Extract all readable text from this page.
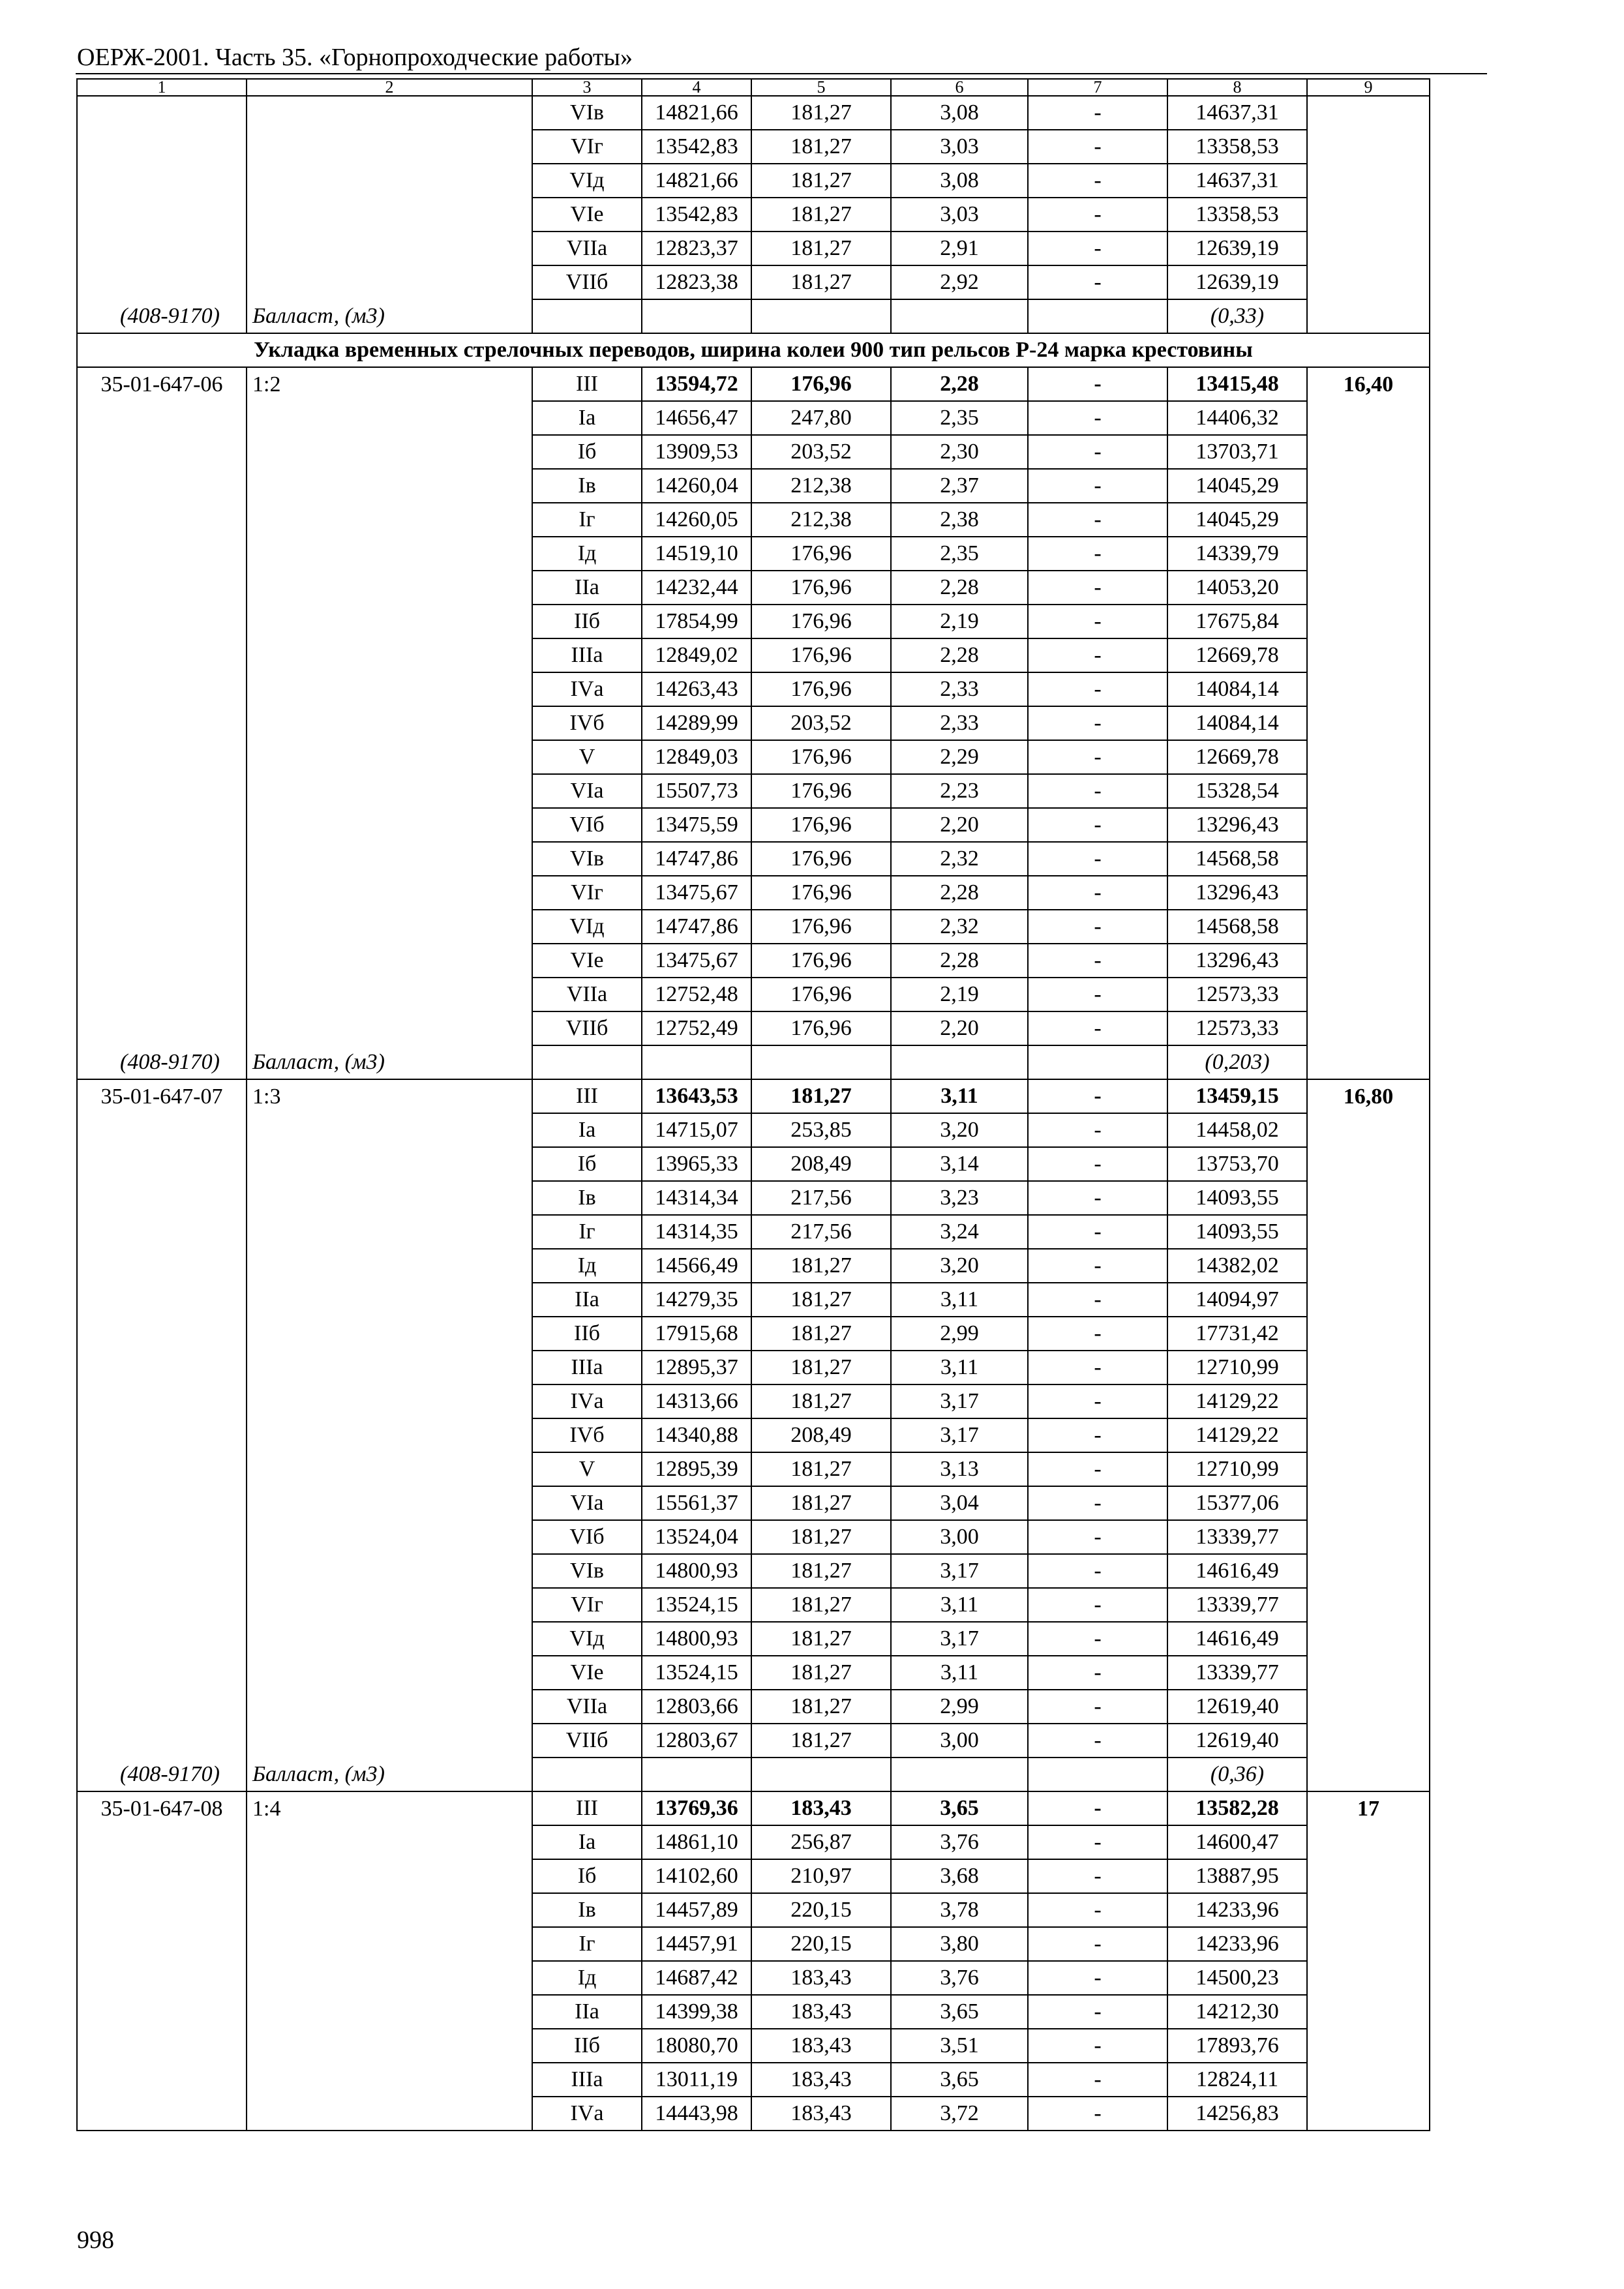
ОЕРЖ-2001. Часть 35. «Горнопроходческие работы»
1	2	3	4	5	6	7	8	9
		VIв	14821,66	181,27	3,08	-	14637,31	
		VIг	13542,83	181,27	3,03	-	13358,53	
		VIд	14821,66	181,27	3,08	-	14637,31	
		VIе	13542,83	181,27	3,03	-	13358,53	
		VIIа	12823,37	181,27	2,91	-	12639,19	
		VIIб	12823,38	181,27	2,92	-	12639,19	
(408-9170)	Балласт, (м3)						(0,33)	
Укладка временных стрелочных переводов, ширина колеи 900 тип рельсов Р-24 марка крестовины								
35-01-647-06	1:2	III	13594,72	176,96	2,28	-	13415,48	16,40
		Iа	14656,47	247,80	2,35	-	14406,32	
		Iб	13909,53	203,52	2,30	-	13703,71	
		Iв	14260,04	212,38	2,37	-	14045,29	
		Iг	14260,05	212,38	2,38	-	14045,29	
		Iд	14519,10	176,96	2,35	-	14339,79	
		IIа	14232,44	176,96	2,28	-	14053,20	
		IIб	17854,99	176,96	2,19	-	17675,84	
		IIIа	12849,02	176,96	2,28	-	12669,78	
		IVа	14263,43	176,96	2,33	-	14084,14	
		IVб	14289,99	203,52	2,33	-	14084,14	
		V	12849,03	176,96	2,29	-	12669,78	
		VIа	15507,73	176,96	2,23	-	15328,54	
		VIб	13475,59	176,96	2,20	-	13296,43	
		VIв	14747,86	176,96	2,32	-	14568,58	
		VIг	13475,67	176,96	2,28	-	13296,43	
		VIд	14747,86	176,96	2,32	-	14568,58	
		VIе	13475,67	176,96	2,28	-	13296,43	
		VIIа	12752,48	176,96	2,19	-	12573,33	
		VIIб	12752,49	176,96	2,20	-	12573,33	
(408-9170)	Балласт, (м3)						(0,203)	
35-01-647-07	1:3	III	13643,53	181,27	3,11	-	13459,15	16,80
		Iа	14715,07	253,85	3,20	-	14458,02	
		Iб	13965,33	208,49	3,14	-	13753,70	
		Iв	14314,34	217,56	3,23	-	14093,55	
		Iг	14314,35	217,56	3,24	-	14093,55	
		Iд	14566,49	181,27	3,20	-	14382,02	
		IIа	14279,35	181,27	3,11	-	14094,97	
		IIб	17915,68	181,27	2,99	-	17731,42	
		IIIа	12895,37	181,27	3,11	-	12710,99	
		IVа	14313,66	181,27	3,17	-	14129,22	
		IVб	14340,88	208,49	3,17	-	14129,22	
		V	12895,39	181,27	3,13	-	12710,99	
		VIа	15561,37	181,27	3,04	-	15377,06	
		VIб	13524,04	181,27	3,00	-	13339,77	
		VIв	14800,93	181,27	3,17	-	14616,49	
		VIг	13524,15	181,27	3,11	-	13339,77	
		VIд	14800,93	181,27	3,17	-	14616,49	
		VIе	13524,15	181,27	3,11	-	13339,77	
		VIIа	12803,66	181,27	2,99	-	12619,40	
		VIIб	12803,67	181,27	3,00	-	12619,40	
(408-9170)	Балласт, (м3)						(0,36)	
35-01-647-08	1:4	III	13769,36	183,43	3,65	-	13582,28	17
		Iа	14861,10	256,87	3,76	-	14600,47	
		Iб	14102,60	210,97	3,68	-	13887,95	
		Iв	14457,89	220,15	3,78	-	14233,96	
		Iг	14457,91	220,15	3,80	-	14233,96	
		Iд	14687,42	183,43	3,76	-	14500,23	
		IIа	14399,38	183,43	3,65	-	14212,30	
		IIб	18080,70	183,43	3,51	-	17893,76	
		IIIа	13011,19	183,43	3,65	-	12824,11	
		IVа	14443,98	183,43	3,72	-	14256,83	
998
